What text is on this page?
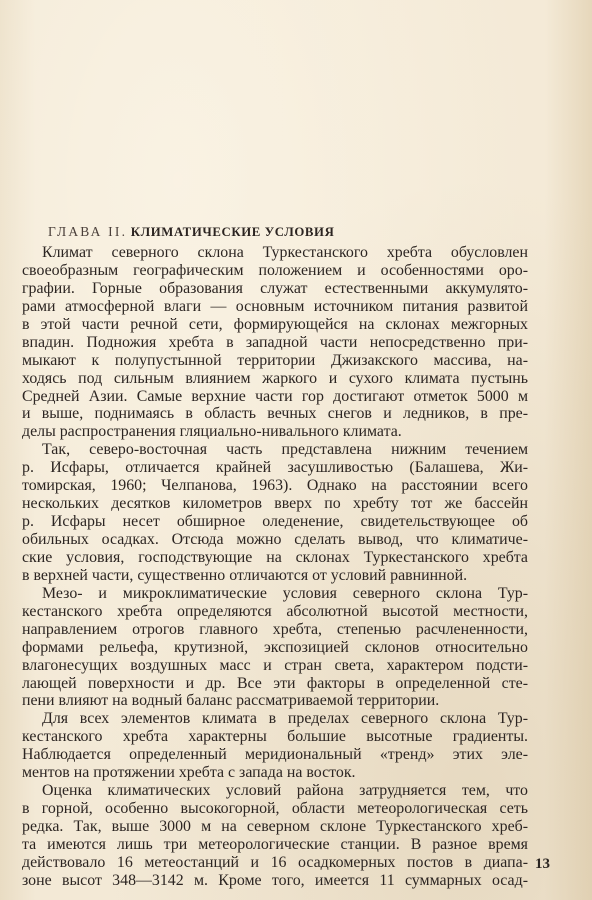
ГЛАВА II. КЛИМАТИЧЕСКИЕ УСЛОВИЯ
Климат северного склона Туркестанского хребта обусловлен
своеобразным географическим положением и особенностями оро-
графии. Горные образования служат естественными аккумулято-
рами атмосферной влаги — основным источником питания развитой
в этой части речной сети, формирующейся на склонах межгорных
впадин. Подножия хребта в западной части непосредственно при-
мыкают к полупустынной территории Джизакского массива, на-
ходясь под сильным влиянием жаркого и сухого климата пустынь
Средней Азии. Самые верхние части гор достигают отметок 5000 м
и выше, поднимаясь в область вечных снегов и ледников, в пре-
делы распространения гляциально-нивального климата.
Так, северо-восточная часть представлена нижним течением
р. Исфары, отличается крайней засушливостью (Балашева, Жи-
томирская, 1960; Челпанова, 1963). Однако на расстоянии всего
нескольких десятков километров вверх по хребту тот же бассейн
р. Исфары несет обширное оледенение, свидетельствующее об
обильных осадках. Отсюда можно сделать вывод, что климатиче-
ские условия, господствующие на склонах Туркестанского хребта
в верхней части, существенно отличаются от условий равнинной.
Мезо- и микроклиматические условия северного склона Тур-
кестанского хребта определяются абсолютной высотой местности,
направлением отрогов главного хребта, степенью расчлененности,
формами рельефа, крутизной, экспозицией склонов относительно
влагонесущих воздушных масс и стран света, характером подсти-
лающей поверхности и др. Все эти факторы в определенной сте-
пени влияют на водный баланс рассматриваемой территории.
Для всех элементов климата в пределах северного склона Тур-
кестанского хребта характерны большие высотные градиенты.
Наблюдается определенный меридиональный «тренд» этих эле-
ментов на протяжении хребта с запада на восток.
Оценка климатических условий района затрудняется тем, что
в горной, особенно высокогорной, области метеорологическая сеть
редка. Так, выше 3000 м на северном склоне Туркестанского хреб-
та имеются лишь три метеорологические станции. В разное время
действовало 16 метеостанций и 16 осадкомерных постов в диапа-
зоне высот 348—3142 м. Кроме того, имеется 11 суммарных осад-
13
